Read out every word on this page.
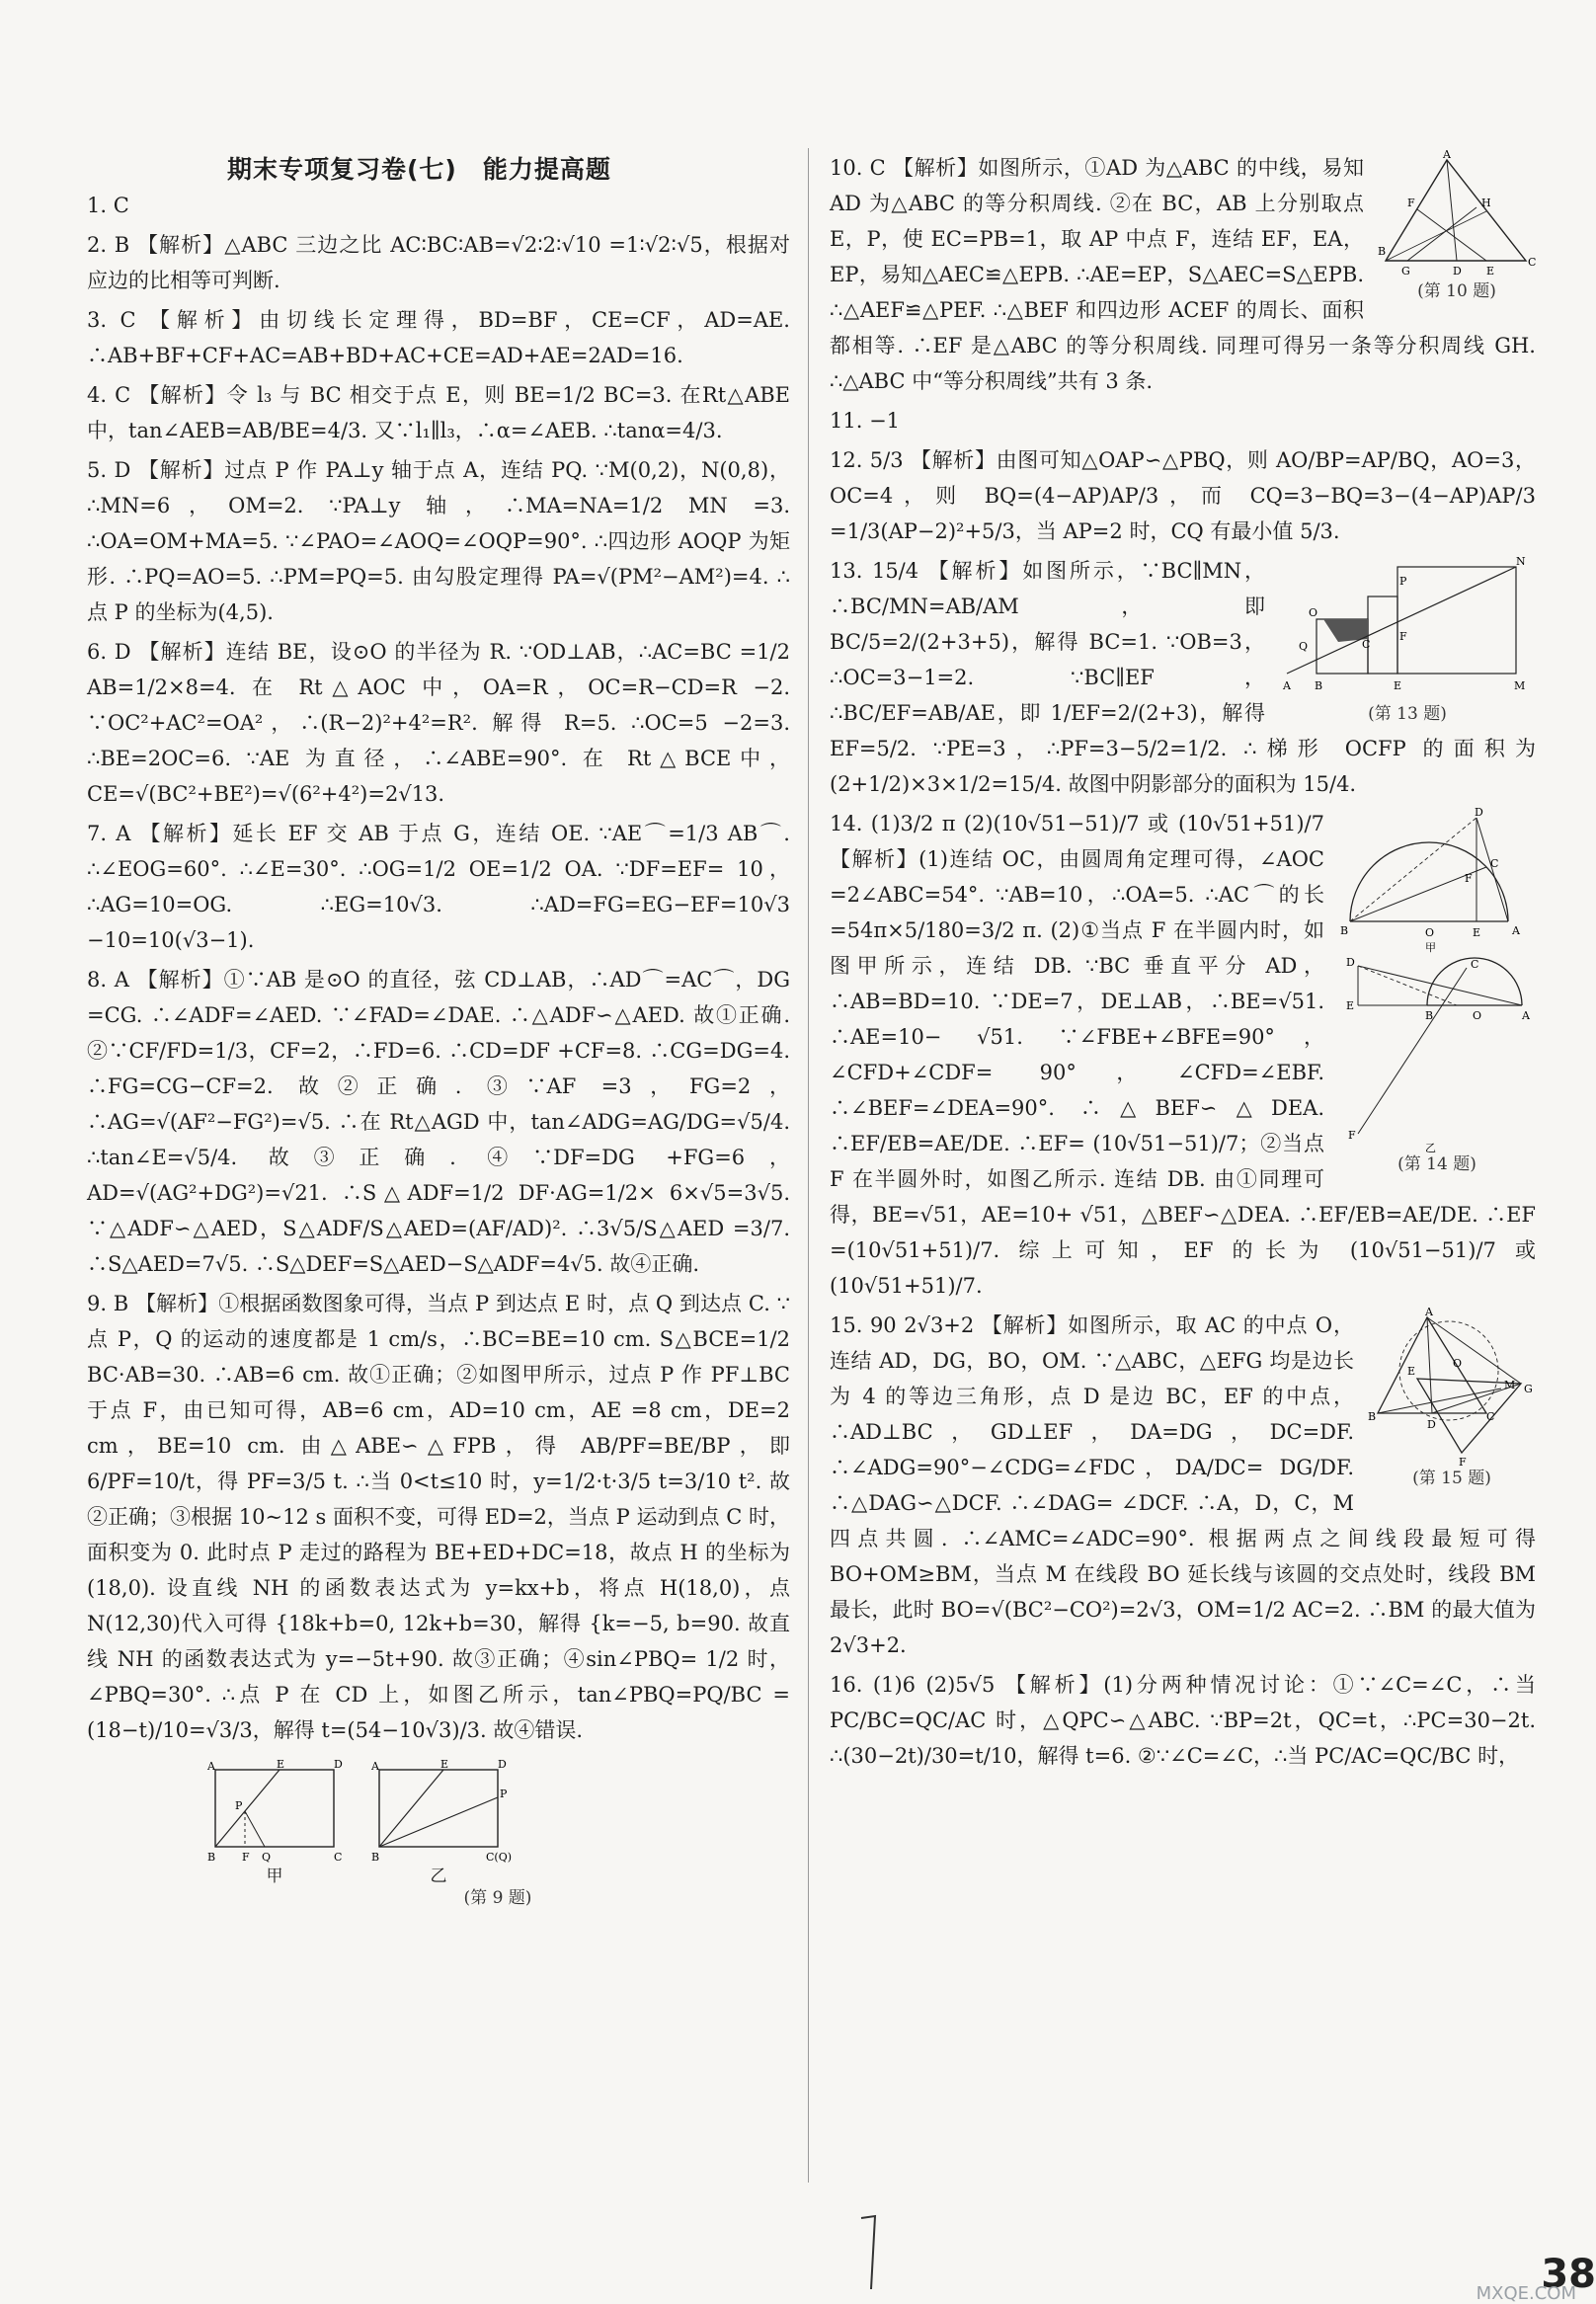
期末专项复习卷(七)　能力提高题

1. C

2. B 【解析】△ABC 三边之比 AC∶BC∶AB=√2∶2∶√10 =1∶√2∶√5，根据对应边的比相等可判断.

3. C 【解析】由切线长定理得，BD=BF，CE=CF，AD=AE. ∴AB+BF+CF+AC=AB+BD+AC+CE=AD+AE=2AD=16.

4. C 【解析】令 l₃ 与 BC 相交于点 E，则 BE=1/2 BC=3. 在Rt△ABE中，tan∠AEB=AB/BE=4/3. 又∵l₁∥l₃，∴α=∠AEB. ∴tanα=4/3.

5. D 【解析】过点 P 作 PA⊥y 轴于点 A，连结 PQ. ∵M(0,2)，N(0,8)，∴MN=6，OM=2. ∵PA⊥y 轴，∴MA=NA=1/2 MN =3. ∴OA=OM+MA=5. ∵∠PAO=∠AOQ=∠OQP=90°. ∴四边形 AOQP 为矩形. ∴PQ=AO=5. ∴PM=PQ=5. 由勾股定理得 PA=√(PM²−AM²)=4. ∴点 P 的坐标为(4,5).

6. D 【解析】连结 BE，设⊙O 的半径为 R. ∵OD⊥AB，∴AC=BC =1/2 AB=1/2×8=4. 在 Rt△AOC 中，OA=R，OC=R−CD=R −2. ∵OC²+AC²=OA²，∴(R−2)²+4²=R². 解得 R=5. ∴OC=5 −2=3. ∴BE=2OC=6. ∵AE 为直径，∴∠ABE=90°. 在 Rt△BCE中，CE=√(BC²+BE²)=√(6²+4²)=2√13.

7. A 【解析】延长 EF 交 AB 于点 G，连结 OE. ∵AE⌒=1/3 AB⌒. ∴∠EOG=60°. ∴∠E=30°. ∴OG=1/2 OE=1/2 OA. ∵DF=EF= 10，∴AG=10=OG. ∴EG=10√3. ∴AD=FG=EG−EF=10√3 −10=10(√3−1).

8. A 【解析】①∵AB 是⊙O 的直径，弦 CD⊥AB，∴AD⌒=AC⌒，DG =CG. ∴∠ADF=∠AED. ∵∠FAD=∠DAE. ∴△ADF∽△AED. 故①正确. ②∵CF/FD=1/3，CF=2，∴FD=6. ∴CD=DF +CF=8. ∴CG=DG=4. ∴FG=CG−CF=2. 故②正确. ③∵AF =3，FG=2，∴AG=√(AF²−FG²)=√5. ∴在 Rt△AGD 中，tan∠ADG=AG/DG=√5/4. ∴tan∠E=√5/4. 故③正确. ④∵DF=DG +FG=6，AD=√(AG²+DG²)=√21. ∴S△ADF=1/2 DF·AG=1/2× 6×√5=3√5. ∵△ADF∽△AED，S△ADF/S△AED=(AF/AD)². ∴3√5/S△AED =3/7. ∴S△AED=7√5. ∴S△DEF=S△AED−S△ADF=4√5. 故④正确.

9. B 【解析】①根据函数图象可得，当点 P 到达点 E 时，点 Q 到达点 C. ∵点 P，Q 的运动的速度都是 1 cm/s，∴BC=BE=10 cm. S△BCE=1/2 BC·AB=30. ∴AB=6 cm. 故①正确；②如图甲所示，过点 P 作 PF⊥BC 于点 F，由已知可得，AB=6 cm，AD=10 cm，AE =8 cm，DE=2 cm，BE=10 cm. 由△ABE∽△FPB，得 AB/PF=BE/BP，即 6/PF=10/t，得 PF=3/5 t. ∴当 0<t≤10 时，y=1/2·t·3/5 t=3/10 t². 故②正确；③根据 10∼12 s 面积不变，可得 ED=2，当点 P 运动到点 C 时，面积变为 0. 此时点 P 走过的路程为 BE+ED+DC=18，故点 H 的坐标为(18,0). 设直线 NH 的函数表达式为 y=kx+b，将点 H(18,0)，点 N(12,30)代入可得 {18k+b=0, 12k+b=30，解得 {k=−5, b=90. 故直线 NH 的函数表达式为 y=−5t+90. 故③正确；④sin∠PBQ= 1/2 时，∠PBQ=30°. ∴点 P 在 CD 上，如图乙所示，tan∠PBQ=PQ/BC =(18−t)/10=√3/3，解得 t=(54−10√3)/3. 故④错误.

A	E	D
B F Q	C
P
甲
A	E	D
B	C(Q)
P
乙
(第 9 题)
A
F	H
B
G	D E
C
(第 10 题)
10. C 【解析】如图所示，①AD 为△ABC 的中线，易知 AD 为△ABC 的等分积周线. ②在 BC，AB 上分别取点 E，P，使 EC=PB=1，取 AP 中点 F，连结 EF，EA，EP，易知△AEC≌△EPB. ∴AE=EP，S△AEC=S△EPB. ∴△AEF≌△PEF. ∴△BEF 和四边形 ACEF 的周长、面积都相等. ∴EF 是△ABC 的等分积周线. 同理可得另一条等分积周线 GH. ∴△ABC 中“等分积周线”共有 3 条.

11. −1

12. 5/3 【解析】由图可知△OAP∽△PBQ，则 AO/BP=AP/BQ，AO=3，OC=4，则 BQ=(4−AP)AP/3，而 CQ=3−BQ=3−(4−AP)AP/3 =1/3(AP−2)²+5/3，当 AP=2 时，CQ 有最小值 5/3.

O
Q
A B
C
F
P
E	M
N
(第 13 题)
13. 15/4 【解析】如图所示，∵BC∥MN，∴BC/MN=AB/AM，即 BC/5=2/(2+3+5)，解得 BC=1. ∵OB=3，∴OC=3−1=2. ∵BC∥EF，∴BC/EF=AB/AE，即 1/EF=2/(2+3)，解得 EF=5/2. ∵PE=3，∴PF=3−5/2=1/2. ∴梯形 OCFP 的面积为(2+1/2)×3×1/2=15/4. 故图中阴影部分的面积为 15/4.
D
C
F
B	O	E	A
甲
D	C
E
B	O	A
F
乙
(第 14 题)
14. (1)3/2 π (2)(10√51−51)/7 或 (10√51+51)/7 【解析】(1)连结 OC，由圆周角定理可得，∠AOC =2∠ABC=54°. ∵AB=10，∴OA=5. ∴AC⌒的长=54π×5/180=3/2 π. (2)①当点 F 在半圆内时，如图甲所示，连结 DB. ∵BC 垂直平分 AD，∴AB=BD=10. ∵DE=7，DE⊥AB，∴BE=√51. ∴AE=10− √51. ∵∠FBE+∠BFE=90°，∠CFD+∠CDF= 90°，∠CFD=∠EBF. ∴∠BEF=∠DEA=90°. ∴△BEF∽△DEA. ∴EF/EB=AE/DE. ∴EF= (10√51−51)/7；②当点 F 在半圆外时，如图乙所示. 连结 DB. 由①同理可得，BE=√51，AE=10+ √51，△BEF∽△DEA. ∴EF/EB=AE/DE. ∴EF =(10√51+51)/7. 综上可知，EF 的长为 (10√51−51)/7 或 (10√51+51)/7.
A
E
O
M G
B
D
C
F
(第 15 题)
15. 90 2√3+2 【解析】如图所示，取 AC 的中点 O，连结 AD，DG，BO，OM. ∵△ABC，△EFG 均是边长为 4 的等边三角形，点 D 是边 BC，EF 的中点，∴AD⊥BC，GD⊥EF，DA=DG，DC=DF. ∴∠ADG=90°−∠CDG=∠FDC，DA/DC= DG/DF. ∴△DAG∽△DCF. ∴∠DAG= ∠DCF. ∴A，D，C，M 四点共圆. ∴∠AMC=∠ADC=90°. 根据两点之间线段最短可得 BO+OM≥BM，当点 M 在线段 BO 延长线与该圆的交点处时，线段 BM 最长，此时 BO=√(BC²−CO²)=2√3，OM=1/2 AC=2. ∴BM 的最大值为 2√3+2.

16. (1)6 (2)5√5 【解析】(1)分两种情况讨论：①∵∠C=∠C，∴当 PC/BC=QC/AC 时，△QPC∽△ABC. ∵BP=2t，QC=t，∴PC=30−2t. ∴(30−2t)/30=t/10，解得 t=6. ②∵∠C=∠C，∴当 PC/AC=QC/BC 时，

38
MXQE.COM
